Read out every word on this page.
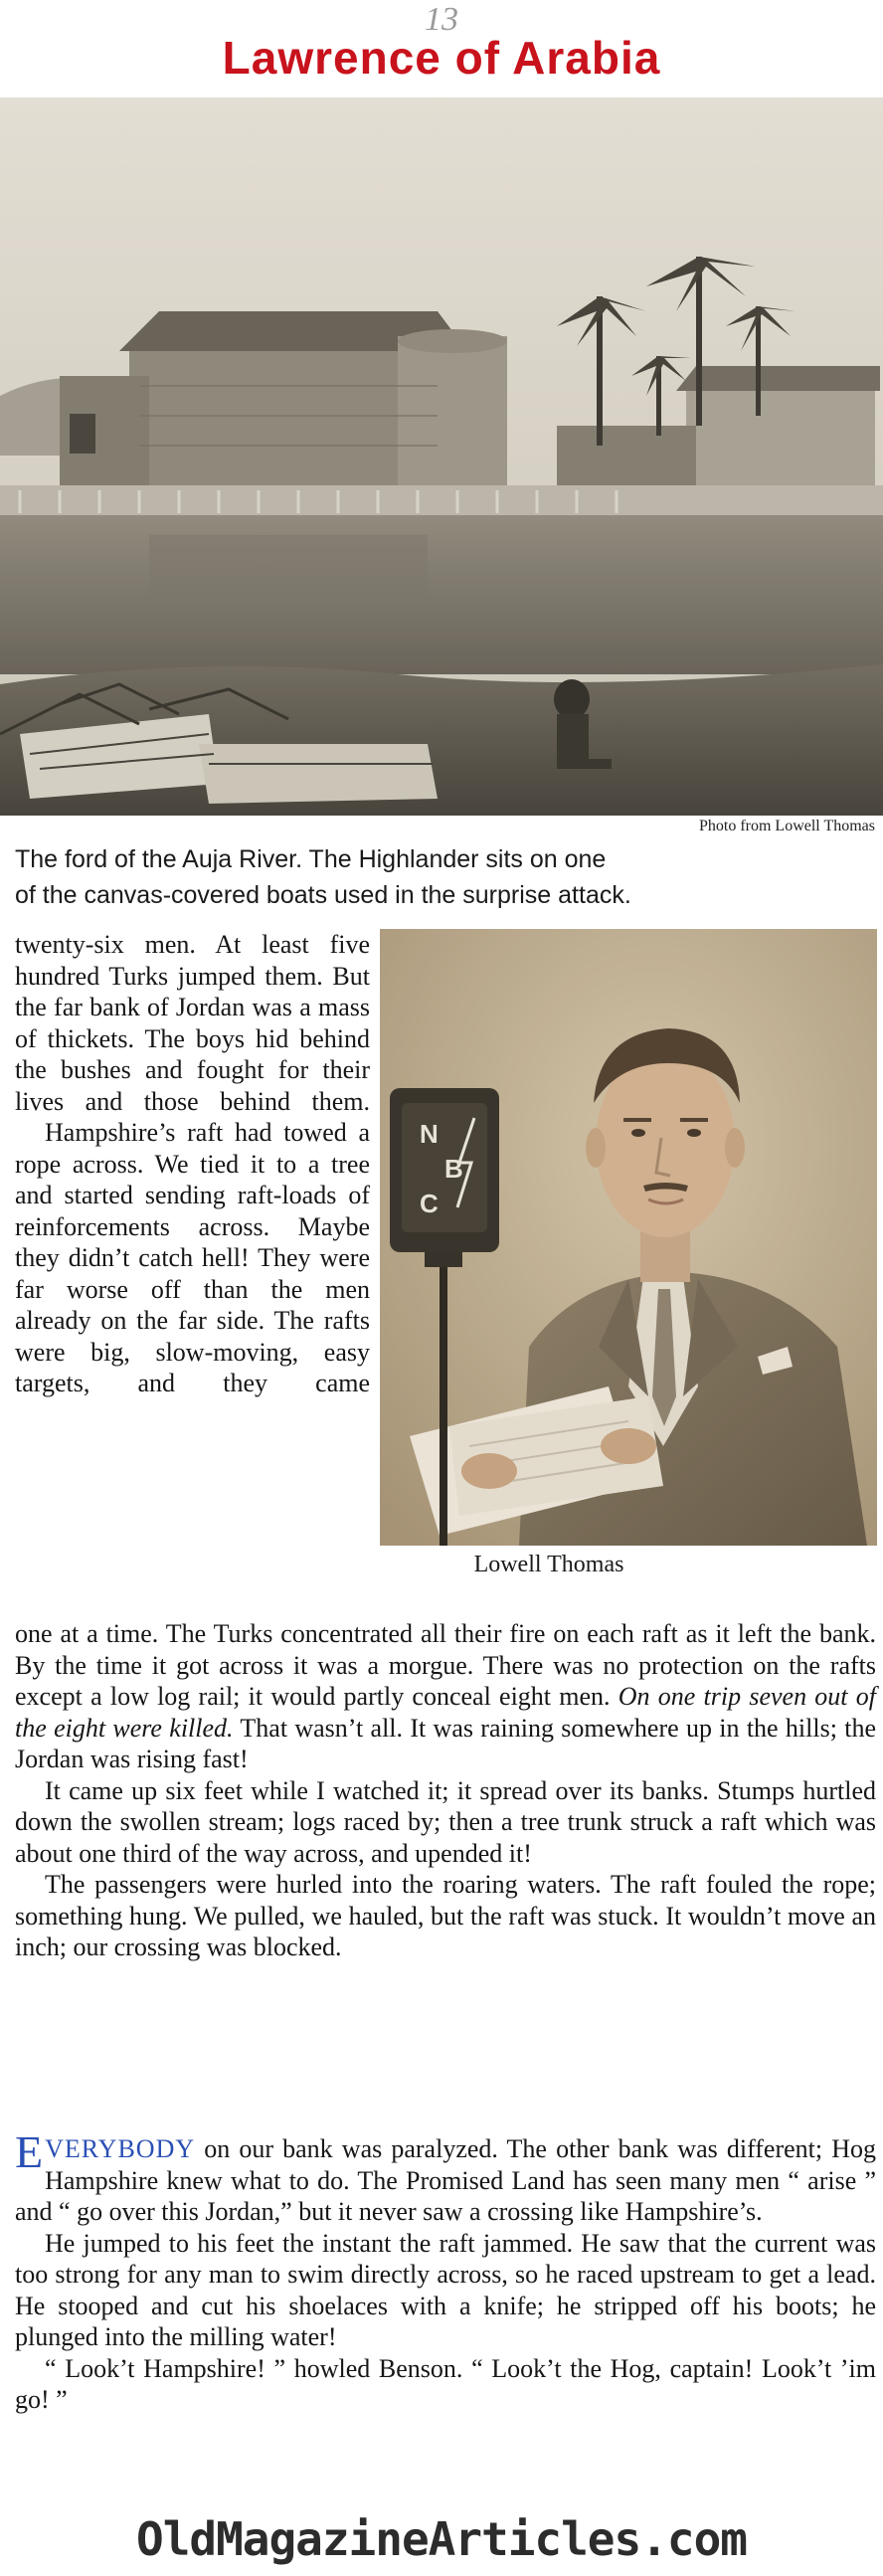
13
Lawrence of Arabia
Photo from Lowell Thomas

The ford of the Auja River. The Highlander sits on one

of the canvas-covered boats used in the surprise attack.

twenty-six men. At least five hundred Turks jumped them. But the far bank of Jordan was a mass of thickets. The boys hid behind the bushes and fought for their lives and those behind them.

Hampshire’s raft had towed a rope across. We tied it to a tree and started sending raft-loads of reinforcements across. Maybe they didn’t catch hell! They were far worse off than the men already on the far side. The rafts were big, slow-moving, easy targets, and they came

N
B
C
Lowell Thomas

one at a time. The Turks concentrated all their fire on each raft as it left the bank. By the time it got across it was a morgue. There was no protection on the rafts except a low log rail; it would partly conceal eight men. On one trip seven out of the eight were killed. That wasn’t all. It was raining somewhere up in the hills; the Jordan was rising fast!

It came up six feet while I watched it; it spread over its banks. Stumps hurtled down the swollen stream; logs raced by; then a tree trunk struck a raft which was about one third of the way across, and upended it!

The passengers were hurled into the roaring waters. The raft fouled the rope; something hung. We pulled, we hauled, but the raft was stuck. It wouldn’t move an inch; our crossing was blocked.

EVERYBODY on our bank was paralyzed. The other bank was different; Hog Hampshire knew what to do. The Promised Land has seen many men “ arise ” and “ go over this Jordan,” but it never saw a crossing like Hampshire’s.

He jumped to his feet the instant the raft jammed. He saw that the current was too strong for any man to swim directly across, so he raced upstream to get a lead. He stooped and cut his shoelaces with a knife; he stripped off his boots; he plunged into the milling water!

“ Look’t Hampshire! ” howled Benson. “ Look’t the Hog, captain! Look’t ’im go! ”

OldMagazineArticles.com
